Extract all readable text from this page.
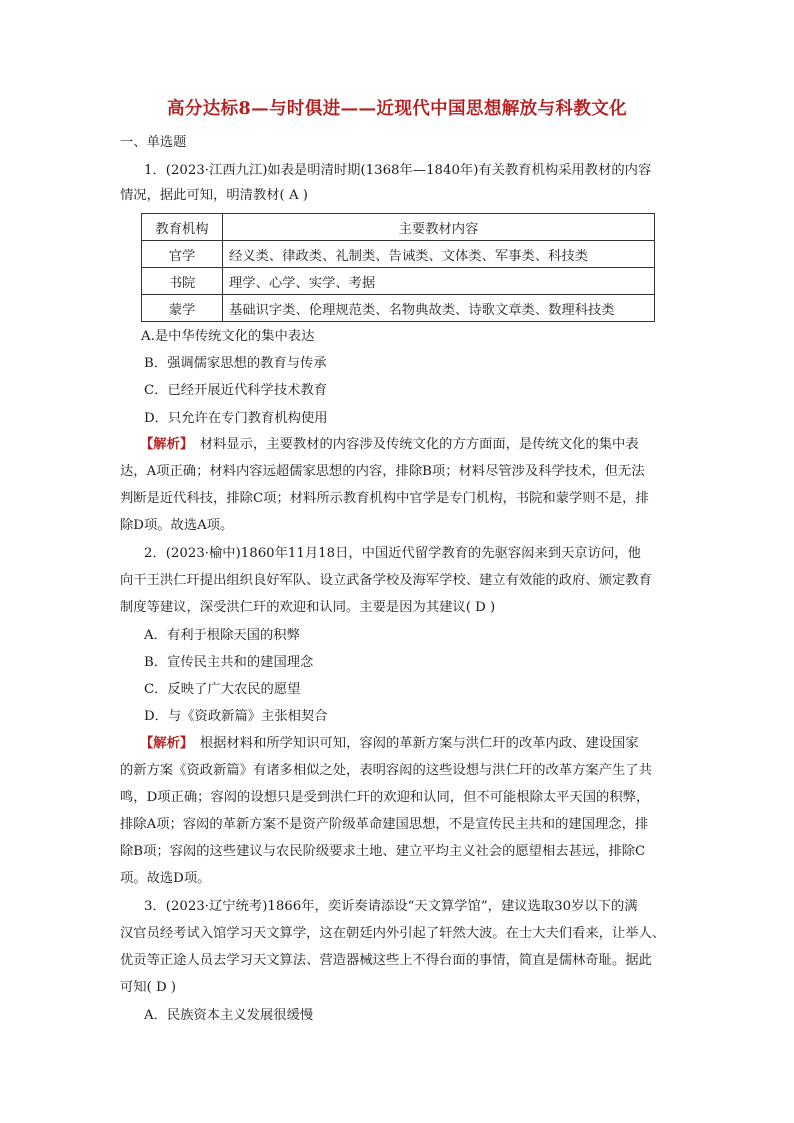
高分达标8—与时俱进——近现代中国思想解放与科教文化
一、单选题
1．(2023·江西九江)如表是明清时期(1368年—1840年)有关教育机构采用教材的内容
情况，据此可知，明清教材( A )
教育机构	主要教材内容
官学	经义类、律政类、礼制类、告诫类、文体类、军事类、科技类
书院	理学、心学、实学、考据
蒙学	基础识字类、伦理规范类、名物典故类、诗歌文章类、数理科技类
A.是中华传统文化的集中表达
B．强调儒家思想的教育与传承
C．已经开展近代科学技术教育
D．只允许在专门教育机构使用
【解析】　材料显示，主要教材的内容涉及传统文化的方方面面，是传统文化的集中表
达，A项正确；材料内容远超儒家思想的内容，排除B项；材料尽管涉及科学技术，但无法
判断是近代科技，排除C项；材料所示教育机构中官学是专门机构，书院和蒙学则不是，排
除D项。故选A项。
2．(2023·榆中)1860年11月18日，中国近代留学教育的先驱容闳来到天京访问，他
向干王洪仁玕提出组织良好军队、设立武备学校及海军学校、建立有效能的政府、颁定教育
制度等建议，深受洪仁玕的欢迎和认同。主要是因为其建议( D )
A．有利于根除天国的积弊
B．宣传民主共和的建国理念
C．反映了广大农民的愿望
D．与《资政新篇》主张相契合
【解析】　根据材料和所学知识可知，容闳的革新方案与洪仁玕的改革内政、建设国家
的新方案《资政新篇》有诸多相似之处，表明容闳的这些设想与洪仁玕的改革方案产生了共
鸣，D项正确；容闳的设想只是受到洪仁玕的欢迎和认同，但不可能根除太平天国的积弊，
排除A项；容闳的革新方案不是资产阶级革命建国思想，不是宣传民主共和的建国理念，排
除B项；容闳的这些建议与农民阶级要求土地、建立平均主义社会的愿望相去甚远，排除C
项。故选D项。
3．(2023·辽宁统考)1866年，奕䜣奏请添设“天文算学馆”，建议选取30岁以下的满
汉官员经考试入馆学习天文算学，这在朝廷内外引起了轩然大波。在士大夫们看来，让举人、
优贡等正途人员去学习天文算法、营造器械这些上不得台面的事情，简直是儒林奇耻。据此
可知( D )
A．民族资本主义发展很缓慢
